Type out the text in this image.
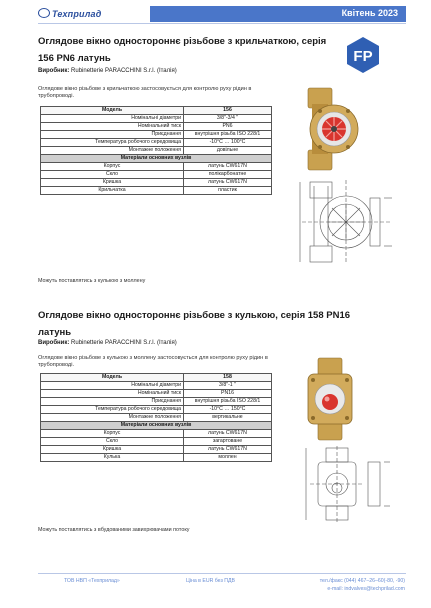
Техприлад	Квітень 2023
Оглядове вікно одностороннє різьбове з крильчаткою, серія 156 PN6 латунь
Виробник: Rubinetterie PARACCHINI S.r.l. (Італія)
Оглядове вікно різьбове з крильчаткою застосовується для контролю руху рідин в трубопроводі.
FP
Модель	156
Номінальні діаметри	3/8"-3/4 "
Номінальний тиск	PN6
Приєднання	внутрішня різьба ISO 228/1
Температура робочого середовища	-10°С … 100°С
Монтажне положення	довільне
Матеріали основних вузлів	
Корпус	латунь CW617N
Скло	полікарбонатне
Кришка	латунь CW617N
Крильчатка	пластик
Можуть поставлятись з кулькою з моллену
Оглядове вікно одностороннє різьбове з кулькою, серія 158 PN16 латунь
Виробник: Rubinetterie PARACCHINI S.r.l. (Італія)
Оглядове вікно різьбове з кулькою з моллену застосовується для контролю руху рідин в трубопроводі.
Модель	158
Номінальні діаметри	3/8"-1 "
Номінальний тиск	PN16
Приєднання	внутрішня різьба ISO 228/1
Температура робочого середовища	-10°С … 150°С
Монтажне положення	вертикальне
Матеріали основних вузлів	
Корпус	латунь CW617N
Скло	загартоване
Кришка	латунь CW617N
Кулька	моллен
Можуть поставлятись з вбудованими завихрювачами потоку
ТОВ НВП «Техприлад»	Ціна в EUR без ПДВ	тел./факс (044) 467–26–60(-80, -90)
e-mail: indvalves@techprilad.com
